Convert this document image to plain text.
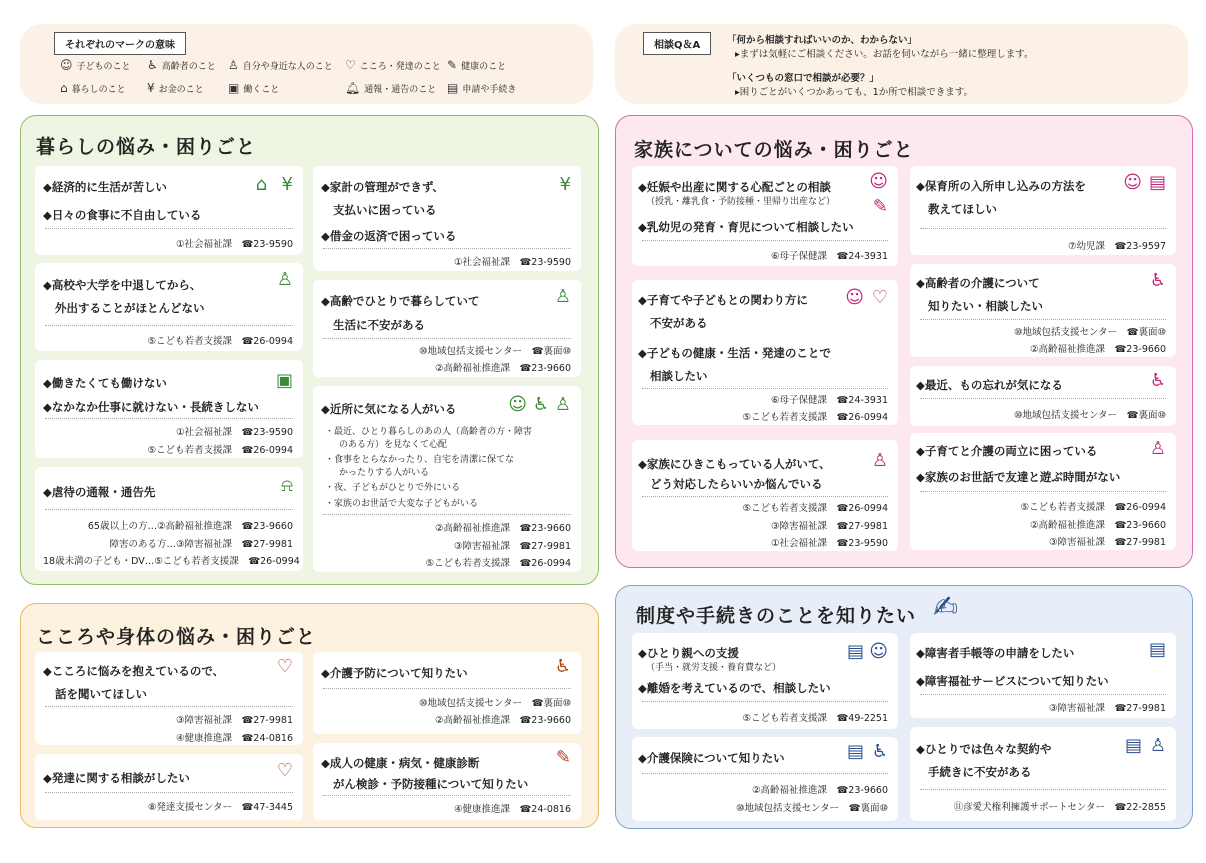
それぞれのマークの意味
☺ 子どものこと ♿ 高齢者のこと ♙ 自分や身近な人のこと ♡ こころ・発達のこと ✎ 健康のこと
⌂ 暮らしのこと ¥ お金のこと ▣ 働くこと	🔔︎ 通報・通告のこと ▤ 申請や手続き
相談Q＆A	「何から相談すればいいのか、わからない」
▸まずは気軽にご相談ください。お話を伺いながら一緒に整理します。
「いくつもの窓口で相談が必要？」
▸困りごとがいくつかあっても、1か所で相談できます。
暮らしの悩み・困りごと
◆経済的に生活が苦しい
◆日々の食事に不自由している
⌂ ¥
①社会福祉課　☎23-9590
◆高校や大学を中退してから、
外出することがほとんどない
♙
⑤こども若者支援課　☎26-0994
◆働きたくても働けない
◆なかなか仕事に就けない・長続きしない
▣
①社会福祉課　☎23-9590
⑤こども若者支援課　☎26-0994
◆虐待の通報・通告先	⍾
65歳以上の方…②高齢福祉推進課　☎23-9660
障害のある方…③障害福祉課　☎27-9981
18歳未満の子ども・DV…⑤こども若者支援課　☎26-0994
◆家計の管理ができず、
支払いに困っている
◆借金の返済で困っている
¥
①社会福祉課　☎23-9590
◆高齢でひとりで暮らしていて
生活に不安がある
♙
⑩地域包括支援センター　☎裏面⑩
②高齢福祉推進課　☎23-9660
◆近所に気になる人がいる	☺ ♿ ♙
・最近、ひとり暮らしのあの人（高齢者の方・障害
のある方）を見なくて心配
・食事をとらなかったり、自宅を清潔に保てな
かったりする人がいる
・夜、子どもがひとりで外にいる
・家族のお世話で大変な子どもがいる
②高齢福祉推進課　☎23-9660
③障害福祉課　☎27-9981
⑤こども若者支援課　☎26-0994
こころや身体の悩み・困りごと
◆こころに悩みを抱えているので、
話を聞いてほしい
♡
③障害福祉課　☎27-9981
④健康推進課　☎24-0816
◆発達に関する相談がしたい	♡
⑧発達支援センター　☎47-3445
◆介護予防について知りたい	♿
⑩地域包括支援センター　☎裏面⑩
②高齢福祉推進課　☎23-9660
◆成人の健康・病気・健康診断
がん検診・予防接種について知りたい
✎
④健康推進課　☎24-0816
家族についての悩み・困りごと
◆妊娠や出産に関する心配ごとの相談
（授乳・離乳食・予防接種・里帰り出産など）
◆乳幼児の発育・育児について相談したい
☺
✎
⑥母子保健課　☎24-3931
◆子育てや子どもとの関わり方に
不安がある
◆子どもの健康・生活・発達のことで
相談したい
☺ ♡
⑥母子保健課　☎24-3931
⑤こども若者支援課　☎26-0994
◆家族にひきこもっている人がいて、
どう対応したらいいか悩んでいる
♙
⑤こども若者支援課　☎26-0994
③障害福祉課　☎27-9981
①社会福祉課　☎23-9590
◆保育所の入所申し込みの方法を
教えてほしい
☺ ▤
⑦幼児課　☎23-9597
◆高齢者の介護について
知りたい・相談したい
♿
⑩地域包括支援センター　☎裏面⑩
②高齢福祉推進課　☎23-9660
◆最近、もの忘れが気になる	♿
⑩地域包括支援センター　☎裏面⑩
◆子育てと介護の両立に困っている
◆家族のお世話で友達と遊ぶ時間がない
♙
⑤こども若者支援課　☎26-0994
②高齢福祉推進課　☎23-9660
③障害福祉課　☎27-9981
制度や手続きのことを知りたい ✍
◆ひとり親への支援
（手当・就労支援・養育費など）
◆離婚を考えているので、相談したい
▤ ☺
⑤こども若者支援課　☎49-2251
◆介護保険について知りたい	▤ ♿
②高齢福祉推進課　☎23-9660
⑩地域包括支援センター　☎裏面⑩
◆障害者手帳等の申請をしたい
◆障害福祉サービスについて知りたい
▤
③障害福祉課　☎27-9981
◆ひとりでは色々な契約や
手続きに不安がある
▤ ♙
⑪彦愛犬権利擁護サポートセンター　☎22-2855
